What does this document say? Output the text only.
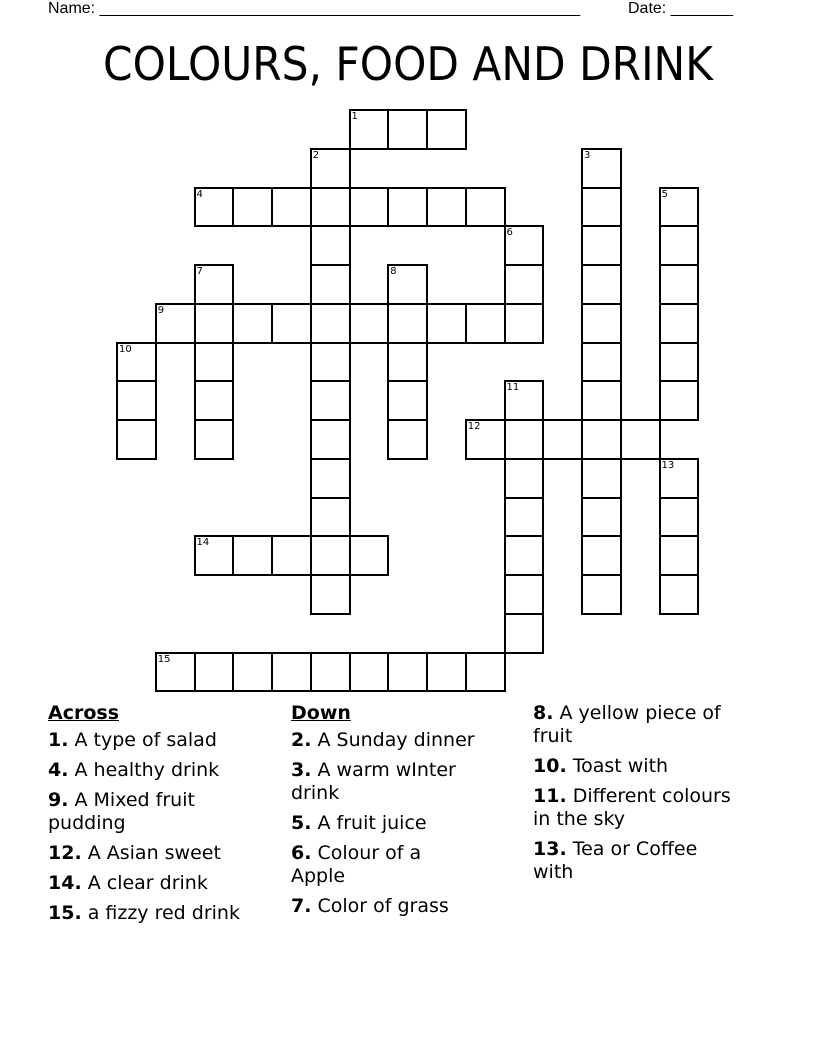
Name: ______________________________________________________	Date: _______
COLOURS, FOOD AND DRINK
1
2	3
4	5
6
7	8
9
10
11
12
13
14
15
Across
1. A type of salad
4. A healthy drink
9. A Mixed fruit pudding
12. A Asian sweet
14. A clear drink
15. a fizzy red drink
Down
2. A Sunday dinner
3. A warm wInter drink
5. A fruit juice
6. Colour of a Apple
7. Color of grass
8. A yellow piece of fruit
10. Toast with
11. Different colours in the sky
13. Tea or Coffee with
